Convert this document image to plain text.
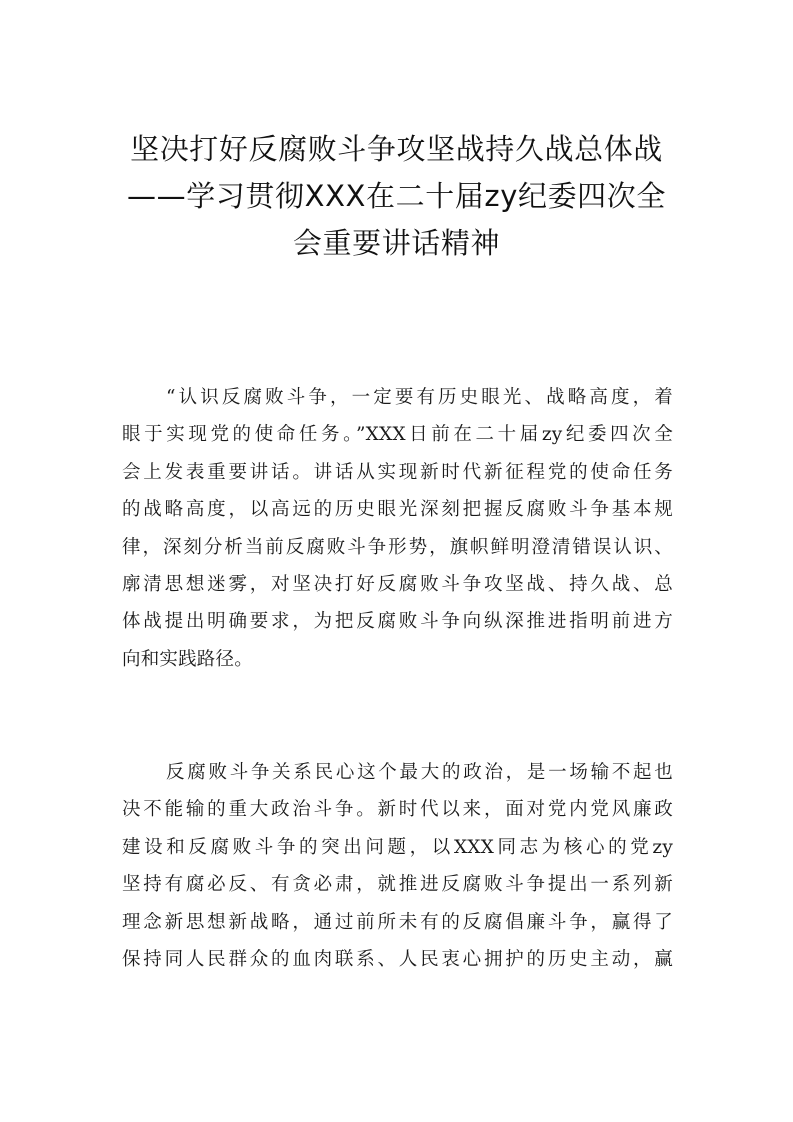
坚决打好反腐败斗争攻坚战持久战总体战
——学习贯彻XXX在二十届zy纪委四次全
会重要讲话精神
“认识反腐败斗争，一定要有历史眼光、战略高度，着
眼于实现党的使命任务。”XXX日前在二十届zy纪委四次全
会上发表重要讲话。讲话从实现新时代新征程党的使命任务
的战略高度，以高远的历史眼光深刻把握反腐败斗争基本规
律，深刻分析当前反腐败斗争形势，旗帜鲜明澄清错误认识、
廓清思想迷雾，对坚决打好反腐败斗争攻坚战、持久战、总
体战提出明确要求，为把反腐败斗争向纵深推进指明前进方
向和实践路径。
反腐败斗争关系民心这个最大的政治，是一场输不起也
决不能输的重大政治斗争。新时代以来，面对党内党风廉政
建设和反腐败斗争的突出问题，以XXX同志为核心的党zy
坚持有腐必反、有贪必肃，就推进反腐败斗争提出一系列新
理念新思想新战略，通过前所未有的反腐倡廉斗争，赢得了
保持同人民群众的血肉联系、人民衷心拥护的历史主动，赢
